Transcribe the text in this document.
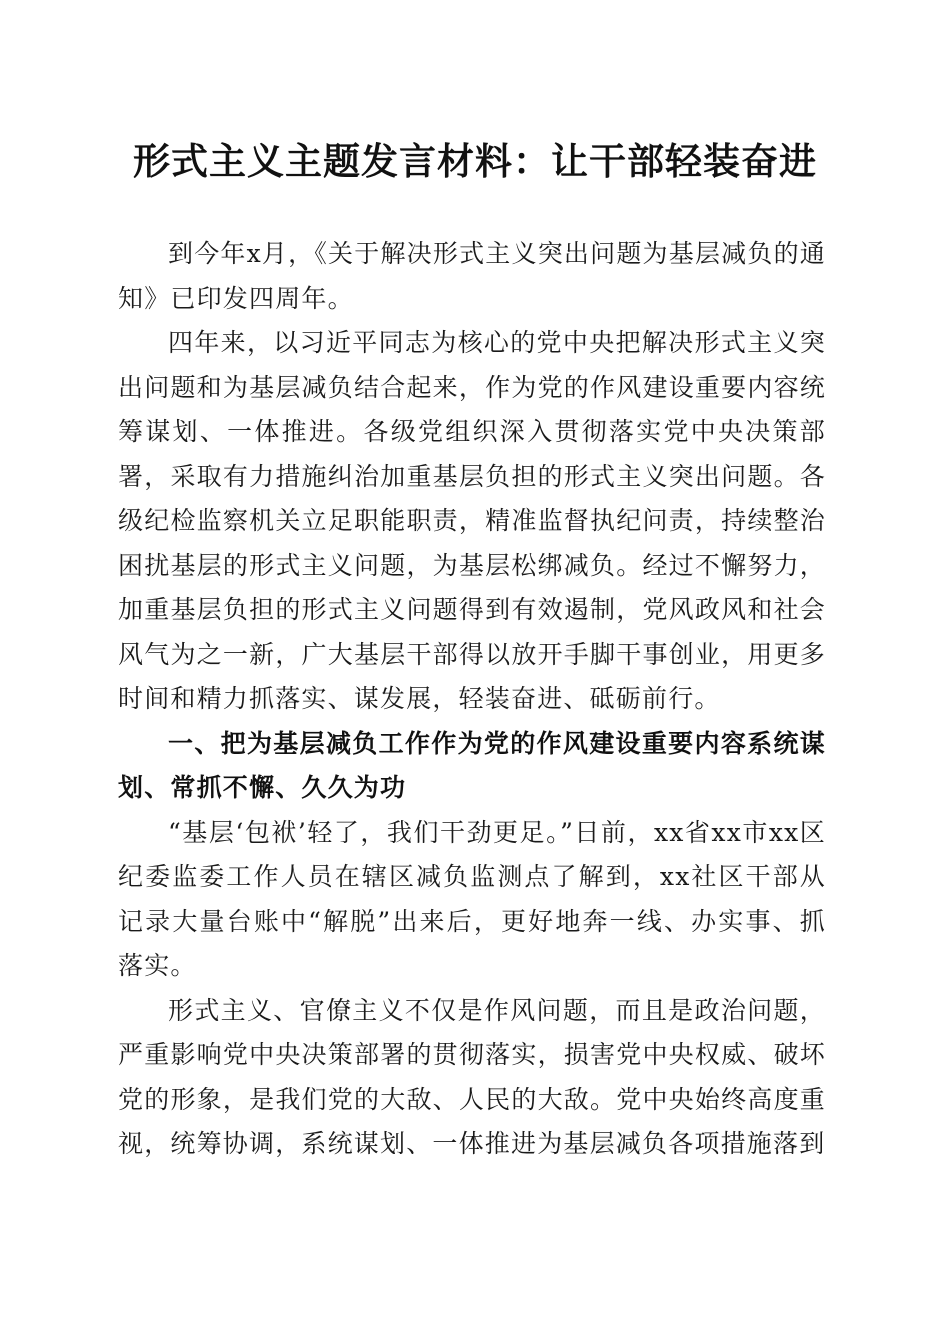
形式主义主题发言材料：让干部轻装奋进

到今年x月，《关于解决形式主义突出问题为基层减负的通知》已印发四周年。

四年来，以习近平同志为核心的党中央把解决形式主义突出问题和为基层减负结合起来，作为党的作风建设重要内容统筹谋划、一体推进。各级党组织深入贯彻落实党中央决策部署，采取有力措施纠治加重基层负担的形式主义突出问题。各级纪检监察机关立足职能职责，精准监督执纪问责，持续整治困扰基层的形式主义问题，为基层松绑减负。经过不懈努力，加重基层负担的形式主义问题得到有效遏制，党风政风和社会风气为之一新，广大基层干部得以放开手脚干事创业，用更多时间和精力抓落实、谋发展，轻装奋进、砥砺前行。

一、把为基层减负工作作为党的作风建设重要内容系统谋划、常抓不懈、久久为功

“基层‘包袱’轻了，我们干劲更足。”日前，xx省xx市xx区纪委监委工作人员在辖区减负监测点了解到，xx社区干部从记录大量台账中“解脱”出来后，更好地奔一线、办实事、抓落实。

形式主义、官僚主义不仅是作风问题，而且是政治问题，严重影响党中央决策部署的贯彻落实，损害党中央权威、破坏党的形象，是我们党的大敌、人民的大敌。党中央始终高度重视，统筹协调，系统谋划、一体推进为基层减负各项措施落到
